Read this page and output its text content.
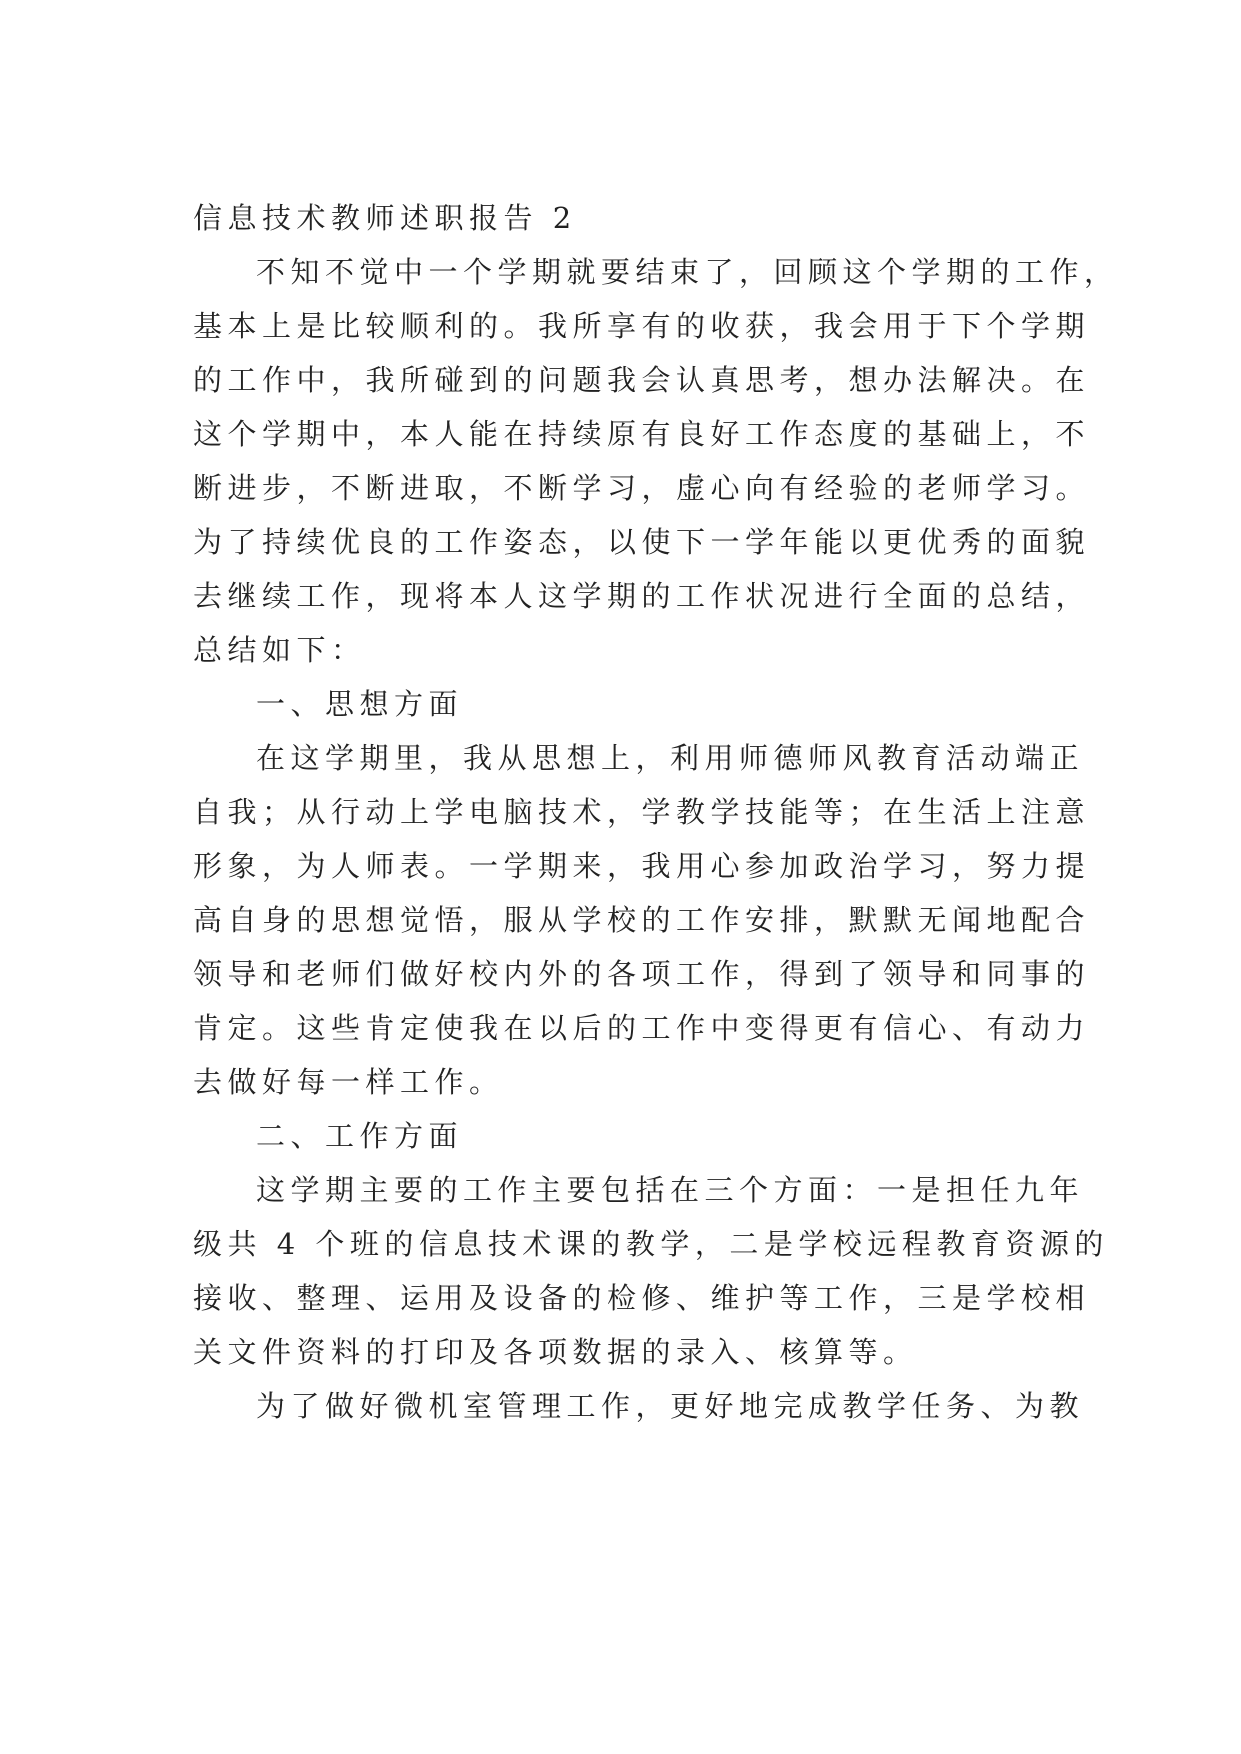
信息技术教师述职报告 2
不知不觉中一个学期就要结束了，回顾这个学期的工作，
基本上是比较顺利的。我所享有的收获，我会用于下个学期
的工作中，我所碰到的问题我会认真思考，想办法解决。在
这个学期中，本人能在持续原有良好工作态度的基础上，不
断进步，不断进取，不断学习，虚心向有经验的老师学习。
为了持续优良的工作姿态，以使下一学年能以更优秀的面貌
去继续工作，现将本人这学期的工作状况进行全面的总结，
总结如下：
一、思想方面
在这学期里，我从思想上，利用师德师风教育活动端正
自我；从行动上学电脑技术，学教学技能等；在生活上注意
形象，为人师表。一学期来，我用心参加政治学习，努力提
高自身的思想觉悟，服从学校的工作安排，默默无闻地配合
领导和老师们做好校内外的各项工作，得到了领导和同事的
肯定。这些肯定使我在以后的工作中变得更有信心、有动力
去做好每一样工作。
二、工作方面
这学期主要的工作主要包括在三个方面：一是担任九年
级共 4 个班的信息技术课的教学，二是学校远程教育资源的
接收、整理、运用及设备的检修、维护等工作，三是学校相
关文件资料的打印及各项数据的录入、核算等。
为了做好微机室管理工作，更好地完成教学任务、为教
